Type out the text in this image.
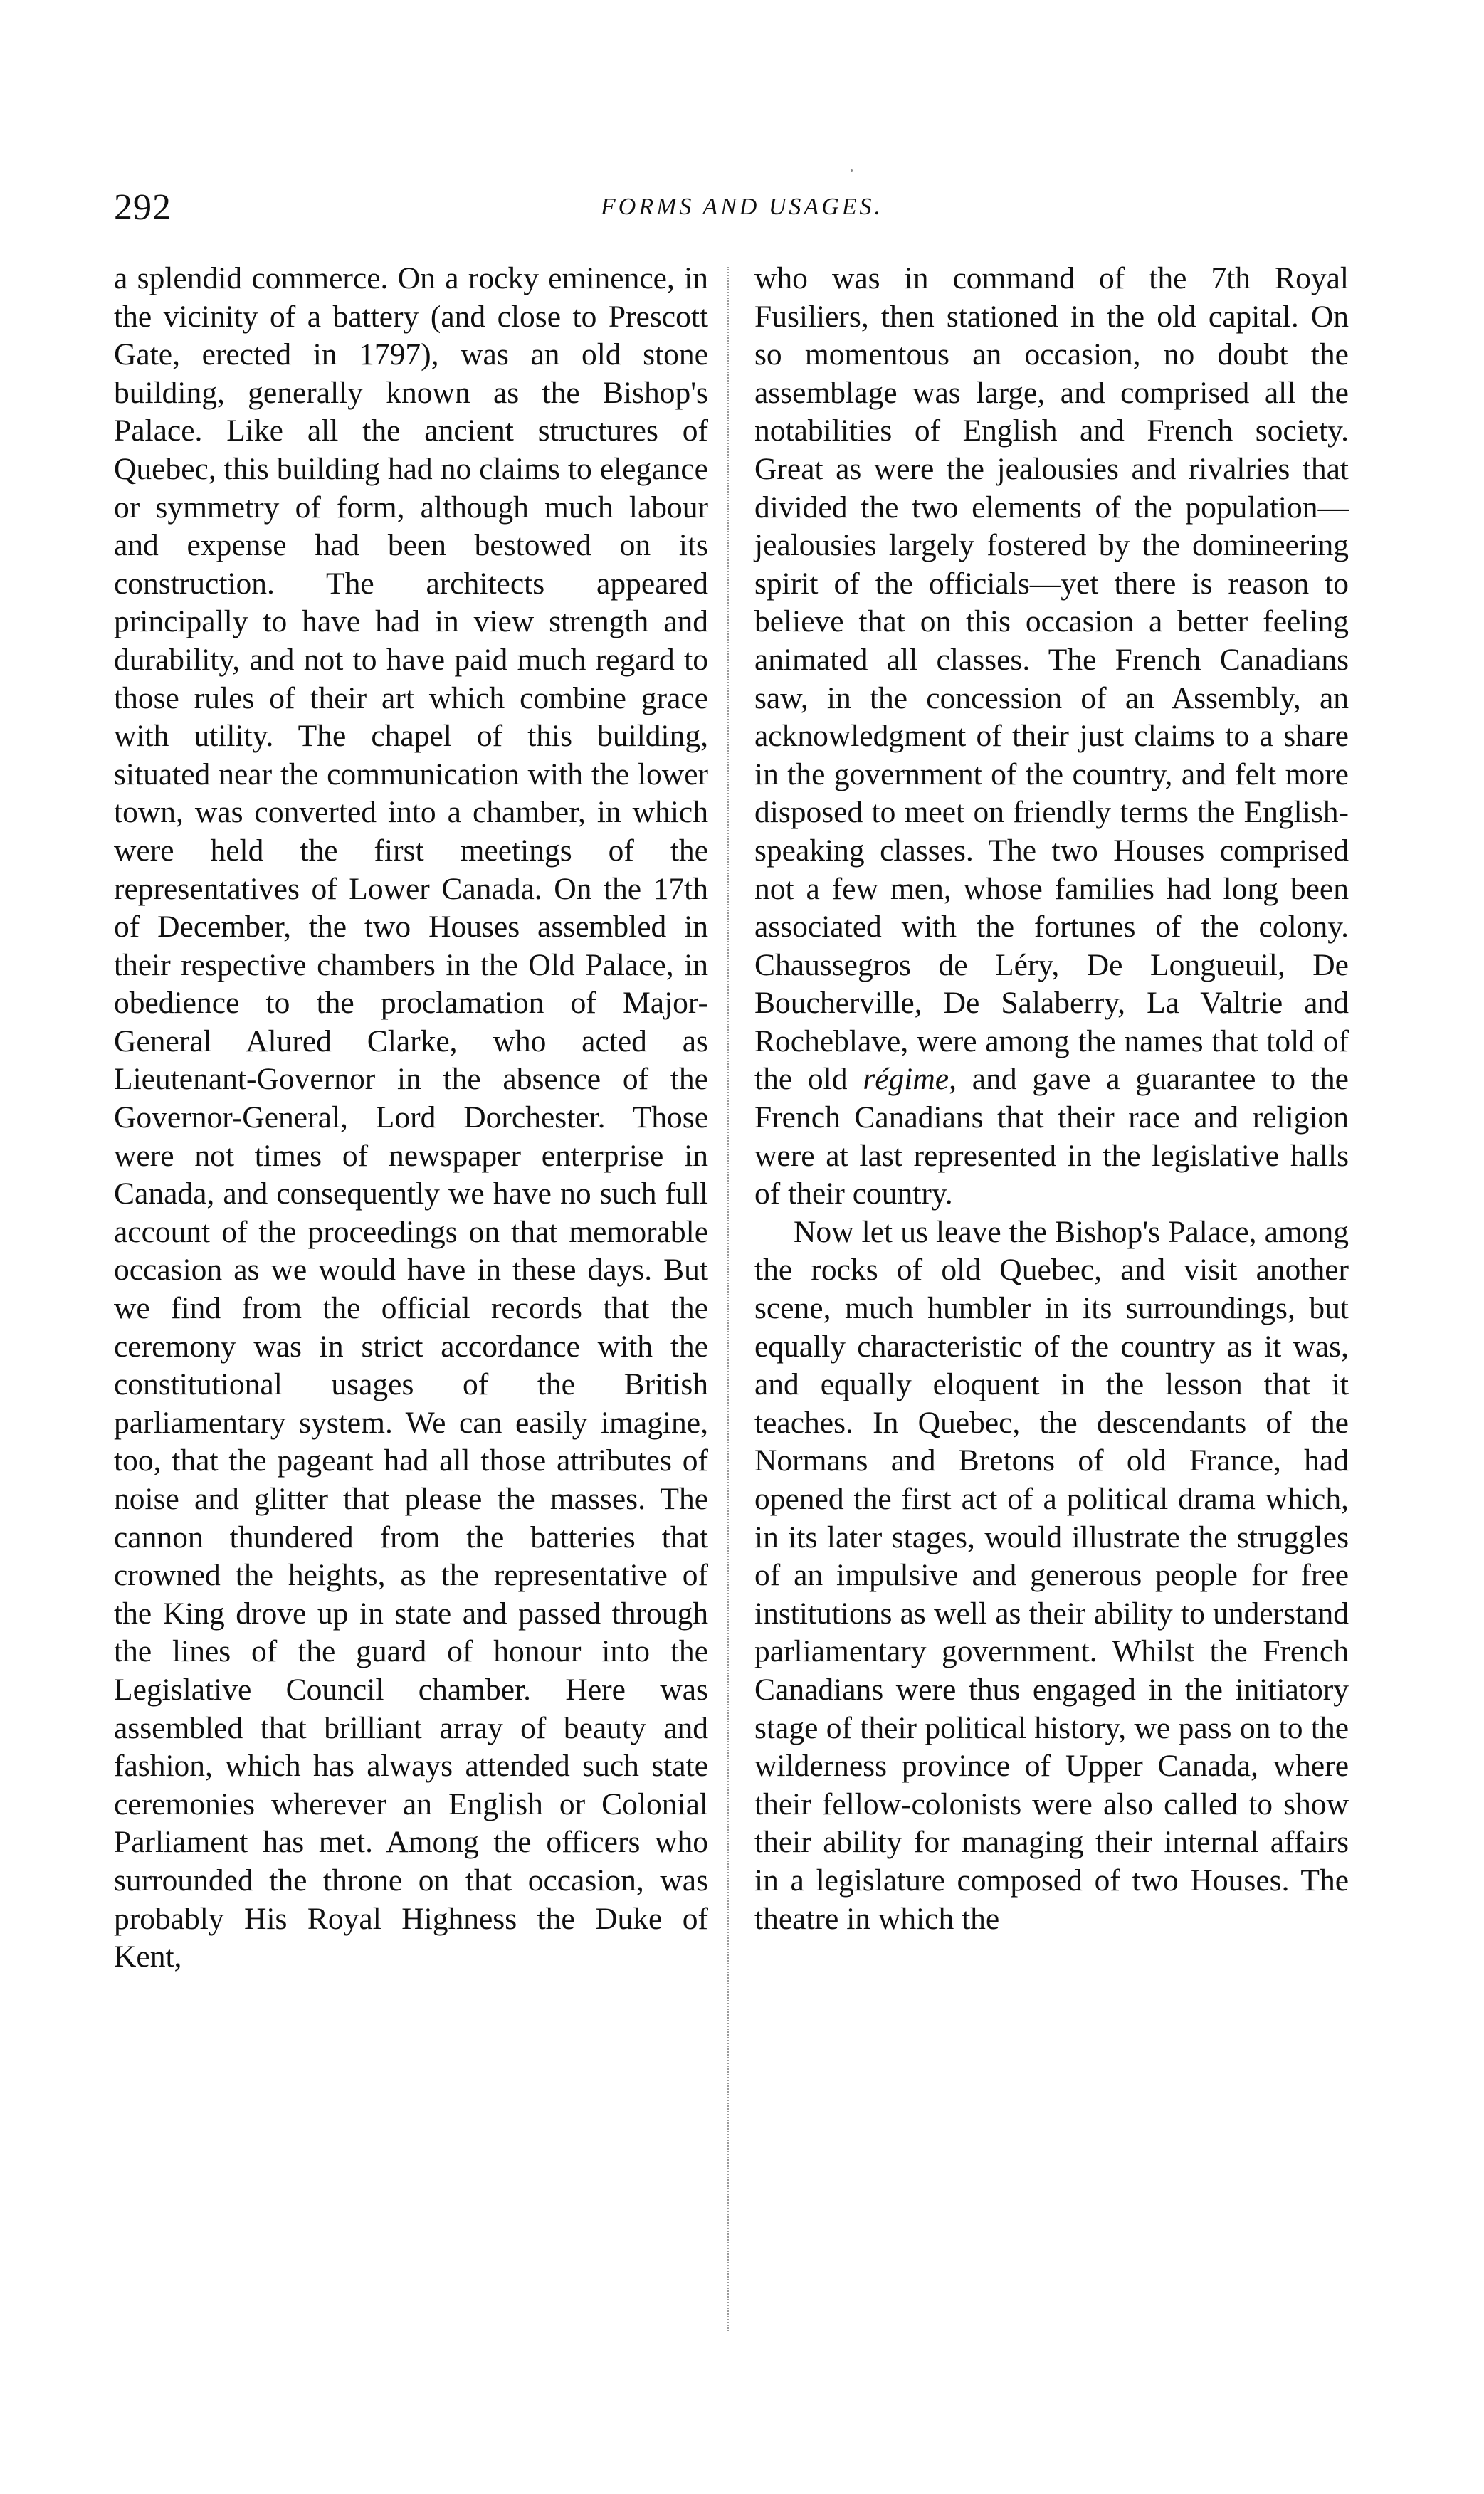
292	FORMS AND USAGES.

a splendid commerce. On a rocky eminence, in the vicinity of a battery (and close to Prescott Gate, erected in 1797), was an old stone building, generally known as the Bishop's Palace. Like all the ancient structures of Quebec, this building had no claims to elegance or symmetry of form, although much labour and expense had been bestowed on its construction. The architects appeared principally to have had in view strength and durability, and not to have paid much regard to those rules of their art which combine grace with utility. The chapel of this building, situated near the communication with the lower town, was converted into a chamber, in which were held the first meetings of the representatives of Lower Canada. On the 17th of December, the two Houses assembled in their respective chambers in the Old Palace, in obedience to the proclamation of Major-General Alured Clarke, who acted as Lieutenant-Governor in the absence of the Governor-General, Lord Dorchester. Those were not times of newspaper enterprise in Canada, and consequently we have no such full account of the proceedings on that memorable occasion as we would have in these days. But we find from the official records that the ceremony was in strict accordance with the constitutional usages of the British parliamentary system. We can easily imagine, too, that the pageant had all those attributes of noise and glitter that please the masses. The cannon thundered from the batteries that crowned the heights, as the representative of the King drove up in state and passed through the lines of the guard of honour into the Legislative Council chamber. Here was assembled that brilliant array of beauty and fashion, which has always attended such state ceremonies wherever an English or Colonial Parliament has met. Among the officers who surrounded the throne on that occasion, was probably His Royal Highness the Duke of Kent,

who was in command of the 7th Royal Fusiliers, then stationed in the old capital. On so momentous an occasion, no doubt the assemblage was large, and comprised all the notabilities of English and French society. Great as were the jealousies and rivalries that divided the two elements of the population—jealousies largely fostered by the domineering spirit of the officials—yet there is reason to believe that on this occasion a better feeling animated all classes. The French Canadians saw, in the concession of an Assembly, an acknowledgment of their just claims to a share in the government of the country, and felt more disposed to meet on friendly terms the English-speaking classes. The two Houses comprised not a few men, whose families had long been associated with the fortunes of the colony. Chaussegros de Léry, De Longueuil, De Boucherville, De Salaberry, La Valtrie and Rocheblave, were among the names that told of the old régime, and gave a guarantee to the French Canadians that their race and religion were at last represented in the legislative halls of their country.

Now let us leave the Bishop's Palace, among the rocks of old Quebec, and visit another scene, much humbler in its surroundings, but equally characteristic of the country as it was, and equally eloquent in the lesson that it teaches. In Quebec, the descendants of the Normans and Bretons of old France, had opened the first act of a political drama which, in its later stages, would illustrate the struggles of an impulsive and generous people for free institutions as well as their ability to understand parliamentary government. Whilst the French Canadians were thus engaged in the initiatory stage of their political history, we pass on to the wilderness province of Upper Canada, where their fellow-colonists were also called to show their ability for managing their internal affairs in a legislature composed of two Houses. The theatre in which the
